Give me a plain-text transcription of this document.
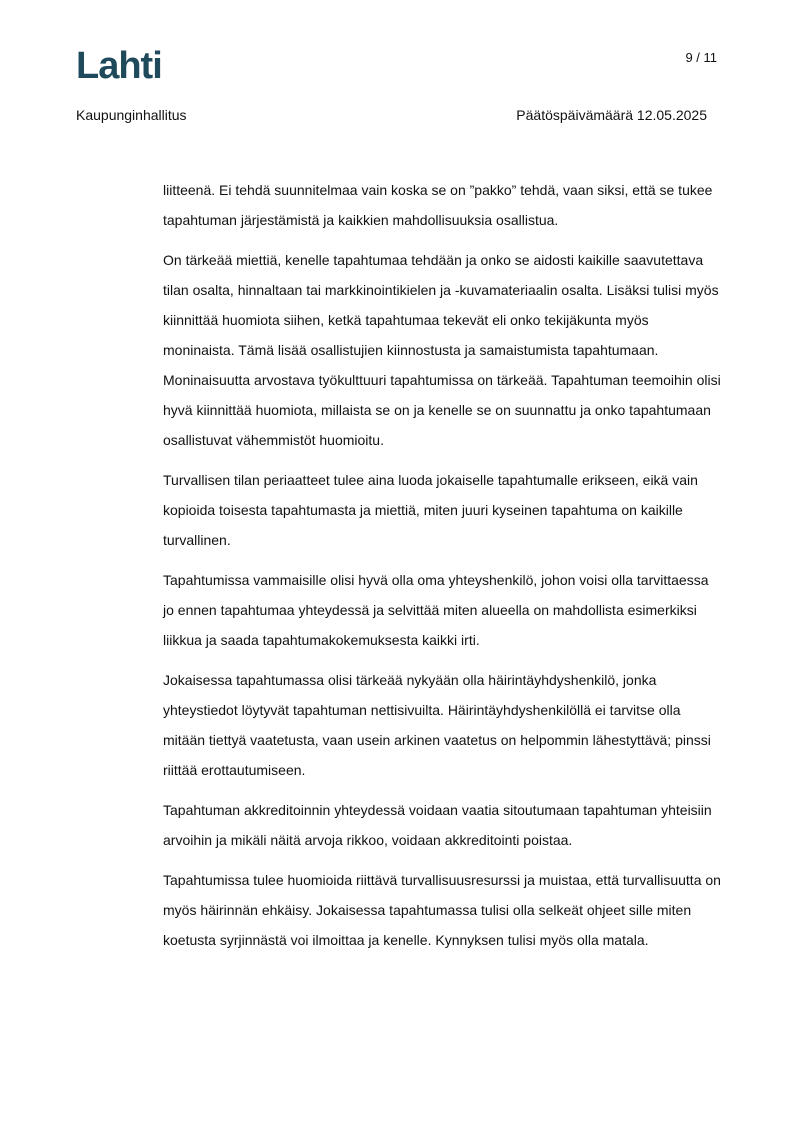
Lahti	9 / 11
Kaupunginhallitus	Päätöspäivämäärä 12.05.2025

liitteenä. Ei tehdä suunnitelmaa vain koska se on ”pakko” tehdä, vaan siksi, että se tukee tapahtuman järjestämistä ja kaikkien mahdollisuuksia osallistua.

On tärkeää miettiä, kenelle tapahtumaa tehdään ja onko se aidosti kaikille saavutettava tilan osalta, hinnaltaan tai markkinointikielen ja -kuvamateriaalin osalta. Lisäksi tulisi myös kiinnittää huomiota siihen, ketkä tapahtumaa tekevät eli onko tekijäkunta myös moninaista. Tämä lisää osallistujien kiinnostusta ja samaistumista tapahtumaan. Moninaisuutta arvostava työkulttuuri tapahtumissa on tärkeää. Tapahtuman teemoihin olisi hyvä kiinnittää huomiota, millaista se on ja kenelle se on suunnattu ja onko tapahtumaan osallistuvat vähemmistöt huomioitu.

Turvallisen tilan periaatteet tulee aina luoda jokaiselle tapahtumalle erikseen, eikä vain kopioida toisesta tapahtumasta ja miettiä, miten juuri kyseinen tapahtuma on kaikille turvallinen.

Tapahtumissa vammaisille olisi hyvä olla oma yhteyshenkilö, johon voisi olla tarvittaessa jo ennen tapahtumaa yhteydessä ja selvittää miten alueella on mahdollista esimerkiksi liikkua ja saada tapahtumakokemuksesta kaikki irti.

Jokaisessa tapahtumassa olisi tärkeää nykyään olla häirintäyhdyshenkilö, jonka yhteystiedot löytyvät tapahtuman nettisivuilta. Häirintäyhdyshenkilöllä ei tarvitse olla mitään tiettyä vaatetusta, vaan usein arkinen vaatetus on helpommin lähestyttävä; pinssi riittää erottautumiseen.

Tapahtuman akkreditoinnin yhteydessä voidaan vaatia sitoutumaan tapahtuman yhteisiin arvoihin ja mikäli näitä arvoja rikkoo, voidaan akkreditointi poistaa.

Tapahtumissa tulee huomioida riittävä turvallisuusresurssi ja muistaa, että turvallisuutta on myös häirinnän ehkäisy. Jokaisessa tapahtumassa tulisi olla selkeät ohjeet sille miten koetusta syrjinnästä voi ilmoittaa ja kenelle. Kynnyksen tulisi myös olla matala.
